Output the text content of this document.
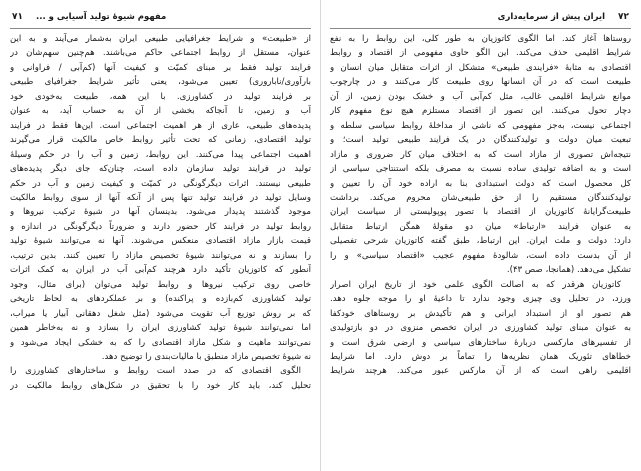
۷۱ مفهوم شیوهٔ تولید آسیایی و ...
از «طبیعت» و شرایط جغرافیایی طبیعی ایران به‌شمار می‌آیند و به این
عنوان، مستقل از روابط اجتماعی حاکم می‌باشند. هم‌چنین سهم‌شان در
فرایند تولید فقط بر مبنای کمیّت و کیفیت آنها (کم‌آبی / فراوانی و
بارآوری/ناباروری) تعیین می‌شود، یعنی تأثیر شرایط جغرافیای طبیعی
بر فرایند تولید در کشاورزی. با این همه، طبیعت به‌خودی خود
آب و زمین، تا آنجاکه بخشی از آن به حساب آید، به عنوان
پدیده‌های طبیعی، عاری از هر اهمیت اجتماعی است. این‌ها فقط در فرایند
تولید اقتصادی، زمانی که تحت تأثیر روابط خاص مالکیت قرار می‌گیرند
اهمیت اجتماعی پیدا می‌کنند. این روابط، زمین و آب را در حکم وسیلهٔ
تولید در فرایند تولید سازمان داده است، چنان‌که جای دیگر پدیده‌های
طبیعی نیستند. اثرات دیگرگونگی در کمیّت و کیفیت زمین و آب در حکم
وسایل تولید در فرایند تولید تنها پس از آنکه آنها از سوی روابط مالکیت
موجود گذشتند پدیدار می‌شود. بدینسان آنها در شیوهٔ ترکیب نیروها و
روابط تولید در فرایند کار حضور دارند و ضرورتاً دیگرگونگی در اندازه و
قیمت بازار مازاد اقتصادی منعکس می‌شوند. آنها نه می‌توانند شیوهٔ تولید
را بسازند و نه می‌توانند شیوهٔ تخصیص مازاد را تعیین کنند. بدین ترتیب،
آنطور که کاتوزیان تأکید دارد هرچند کم‌آبی آب در ایران به کمک اثرات
خاصی روی ترکیب نیروها و روابط تولید می‌توان (برای مثال، وجود
تولید کشاورزی کم‌بازده و پراکنده) و بر عملکرد‌های به لحاظ تاریخی
که بر روش توزیع آب تقویت می‌شود (مثل شغل دهقانی آبیار یا میراب،
اما نمی‌توانند شیوهٔ تولید کشاورزی ایران را بسازد و نه به‌خاطر همین
نمی‌توانند ماهیت و شکل مازاد اقتصادی را که به خشکی ایجاد می‌شود و
نه شیوهٔ تخصیص مازاد منطبق با مالیات‌بندی را توضیح دهد.
الگوی اقتصادی که در صدد است روابط و ساختارهای کشاورزی را
تحلیل کند، باید کار خود را با تحقیق در شکل‌های روابط مالکیت در
۷۲
ایران پیش از سرمایه‌داری
روستاها آغاز کند. اما الگوی کاتوزیان به طور کلی، این روابط را به نفع
شرایط اقلیمی حذف می‌کند. این الگو حاوی مفهومی از اقتصاد و روابط
اقتصادی به مثابهٔ «فرایندی طبیعی» متشکل از اثرات متقابل میان انسان و
طبیعت است که در آن انسانها روی طبیعت کار می‌کنند و در چارچوب
موانع شرایط اقلیمی غالب، مثل کم‌آبی آب و خشک بودن زمین، از آن
دچار تحول می‌کنند. این تصور از اقتصاد مستلزم هیچ نوع مفهوم کار
اجتماعی نیست، به‌جز مفهومی که ناشی از مداخلهٔ روابط سیاسی سلطه و
تبعیت میان دولت و تولیدکنندگان در یک فرایند طبیعی تولید است؛ و
نتیجه‌اش تصوری از مازاد است که به اختلاف میان کار ضروری و مازاد
است و به اضافه تولیدی ساده نسبت به مصرف بلکه استنتاجی سیاسی از
کل محصول است که دولت استبدادی بنا به اراده خود آن را تعیین و
تولیدکنندگان مستقیم را از حق طبیعی‌شان محروم می‌کند. برداشت
طبیعت‌گرایانهٔ کاتوزیان از اقتصاد با تصور پوپولیستی از سیاست ایران
به عنوان فرایند «ارتباط» میان دو مقولهٔ همگن ارتباط متقابل
دارد: دولت و ملت ایران. این ارتباط، طبق گفته کاتوزیان شرحی تفصیلی
از آن بدست داده است، شالودهٔ مفهوم عجیب «اقتصاد سیاسی» و را
تشکیل می‌دهد. (همانجا، صص ۴۳).
کاتوزیان هرقدر که به اصالت الگوی علمی خود از تاریخ ایران اصرار
ورزد، در تحلیل وی چیزی وجود ندارد تا داعیهٔ او را موجه جلوه دهد.
هم تصور او از استبداد ایرانی و هم تأکیدش بر روستاهای خودکفا
به عنوان مبنای تولید کشاورزی در ایران تخصص منزوی در دو بازتولیدی
از تفسیرهای مارکسی دربارهٔ ساختارهای سیاسی و ارضی شرق است و
خطاهای تئوریک همان نظریه‌ها را تماماً بر دوش دارد. اما شرایط
اقلیمی راهی است که از آن مارکس عبور می‌کند. هرچند شرایط
